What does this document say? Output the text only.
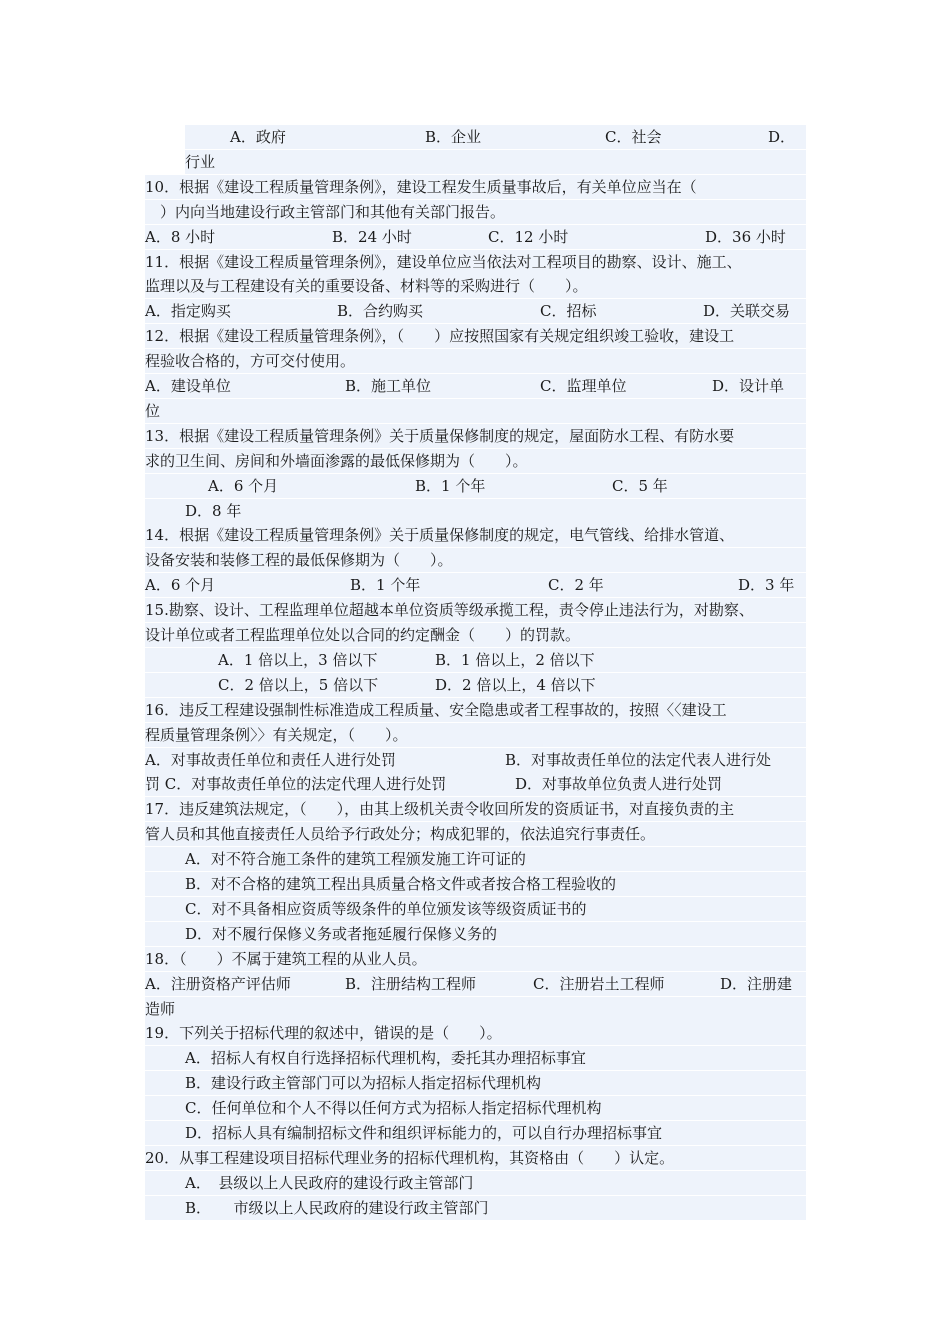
A．政府	B．企业	C．社会	D．
行业
10．根据《建设工程质量管理条例》，建设工程发生质量事故后，有关单位应当在（
　）内向当地建设行政主管部门和其他有关部门报告。
A．8 小时	B．24 小时	C．12 小时	D．36 小时
11．根据《建设工程质量管理条例》，建设单位应当依法对工程项目的勘察、设计、施工、
监理以及与工程建设有关的重要设备、材料等的采购进行（　　）。
A．指定购买	B．合约购买	C．招标	D．关联交易
12．根据《建设工程质量管理条例》，（　　）应按照国家有关规定组织竣工验收，建设工
程验收合格的，方可交付使用。
A．建设单位	B．施工单位	C．监理单位	D．设计单
位
13．根据《建设工程质量管理条例》关于质量保修制度的规定，屋面防水工程、有防水要
求的卫生间、房间和外墙面渗露的最低保修期为（　　）。
A．6 个月	B．1 个年	C．5 年
D．8 年
14．根据《建设工程质量管理条例》关于质量保修制度的规定，电气管线、给排水管道、
设备安装和装修工程的最低保修期为（　　）。
A．6 个月	B．1 个年	C．2 年	D．3 年
15.勘察、设计、工程监理单位超越本单位资质等级承揽工程，责令停止违法行为，对勘察、
设计单位或者工程监理单位处以合同的约定酬金（　　）的罚款。
A．1 倍以上，3 倍以下	B．1 倍以上，2 倍以下
C．2 倍以上，5 倍以下	D．2 倍以上，4 倍以下
16．违反工程建设强制性标准造成工程质量、安全隐患或者工程事故的，按照〈〈建设工
程质量管理条例〉〉有关规定，（　　）。
A．对事故责任单位和责任人进行处罚	B．对事故责任单位的法定代表人进行处
罚 C．对事故责任单位的法定代理人进行处罚	D．对事故单位负责人进行处罚
17．违反建筑法规定，（　　），由其上级机关责令收回所发的资质证书，对直接负责的主
管人员和其他直接责任人员给予行政处分；构成犯罪的，依法追究行事责任。
A．对不符合施工条件的建筑工程颁发施工许可证的
B．对不合格的建筑工程出具质量合格文件或者按合格工程验收的
C．对不具备相应资质等级条件的单位颁发该等级资质证书的
D．对不履行保修义务或者拖延履行保修义务的
18．（　　）不属于建筑工程的从业人员。
A．注册资格产评估师	B．注册结构工程师	C．注册岩土工程师	D．注册建
造师
19．下列关于招标代理的叙述中，错误的是（　　）。
A．招标人有权自行选择招标代理机构，委托其办理招标事宜
B．建设行政主管部门可以为招标人指定招标代理机构
C．任何单位和个人不得以任何方式为招标人指定招标代理机构
D．招标人具有编制招标文件和组织评标能力的，可以自行办理招标事宜
20．从事工程建设项目招标代理业务的招标代理机构，其资格由（　　）认定。
A．　县级以上人民政府的建设行政主管部门
B．　　市级以上人民政府的建设行政主管部门
